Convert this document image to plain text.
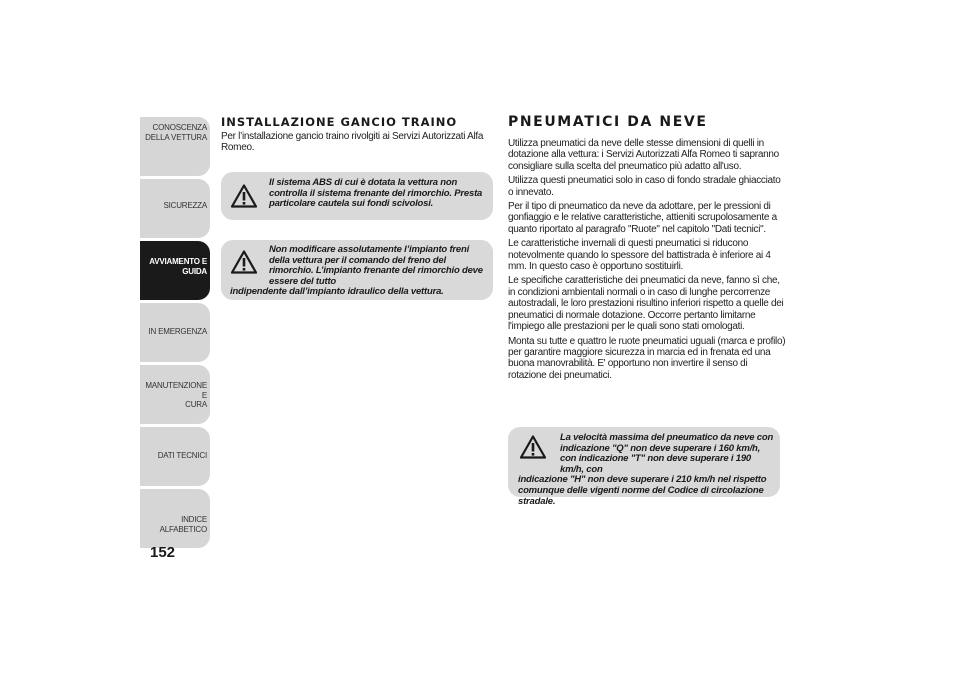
CONOSCENZA
DELLA VETTURA
SICUREZZA
AVVIAMENTO E
GUIDA
IN EMERGENZA
MANUTENZIONE E
CURA
DATI TECNICI
INDICE ALFABETICO
152
INSTALLAZIONE GANCIO TRAINO

Per l’installazione gancio traino rivolgiti ai Servizi Autorizzati Alfa Romeo.

Il sistema ABS di cui è dotata la vettura non controlla il sistema frenante del rimorchio. Presta particolare cautela sui fondi scivolosi.
Non modificare assolutamente l’impianto freni della vettura per il comando del freno del rimorchio. L’impianto frenante del rimorchio deve essere del tutto
indipendente dall’impianto idraulico della vettura.
PNEUMATICI DA NEVE

Utilizza pneumatici da neve delle stesse dimensioni di quelli in dotazione alla vettura: i Servizi Autorizzati Alfa Romeo ti sapranno consigliare sulla scelta del pneumatico più adatto all'uso.

Utilizza questi pneumatici solo in caso di fondo stradale ghiacciato o innevato.

Per il tipo di pneumatico da neve da adottare, per le pressioni di gonfiaggio e le relative caratteristiche, attieniti scrupolosamente a quanto riportato al paragrafo "Ruote" nel capitolo "Dati tecnici".

Le caratteristiche invernali di questi pneumatici si riducono notevolmente quando lo spessore del battistrada è inferiore ai 4 mm. In questo caso è opportuno sostituirli.

Le specifiche caratteristiche dei pneumatici da neve, fanno sì che, in condizioni ambientali normali o in caso di lunghe percorrenze autostradali, le loro prestazioni risultino inferiori rispetto a quelle dei pneumatici di normale dotazione. Occorre pertanto limitarne l'impiego alle prestazioni per le quali sono stati omologati.

Monta su tutte e quattro le ruote pneumatici uguali (marca e profilo) per garantire maggiore sicurezza in marcia ed in frenata ed una buona manovrabilità. E' opportuno non invertire il senso di rotazione dei pneumatici.

La velocità massima del pneumatico da neve con indicazione "Q" non deve superare i 160 km/h, con indicazione "T" non deve superare i 190 km/h, con
indicazione "H" non deve superare i 210 km/h nel rispetto comunque delle vigenti norme del Codice di circolazione stradale.
